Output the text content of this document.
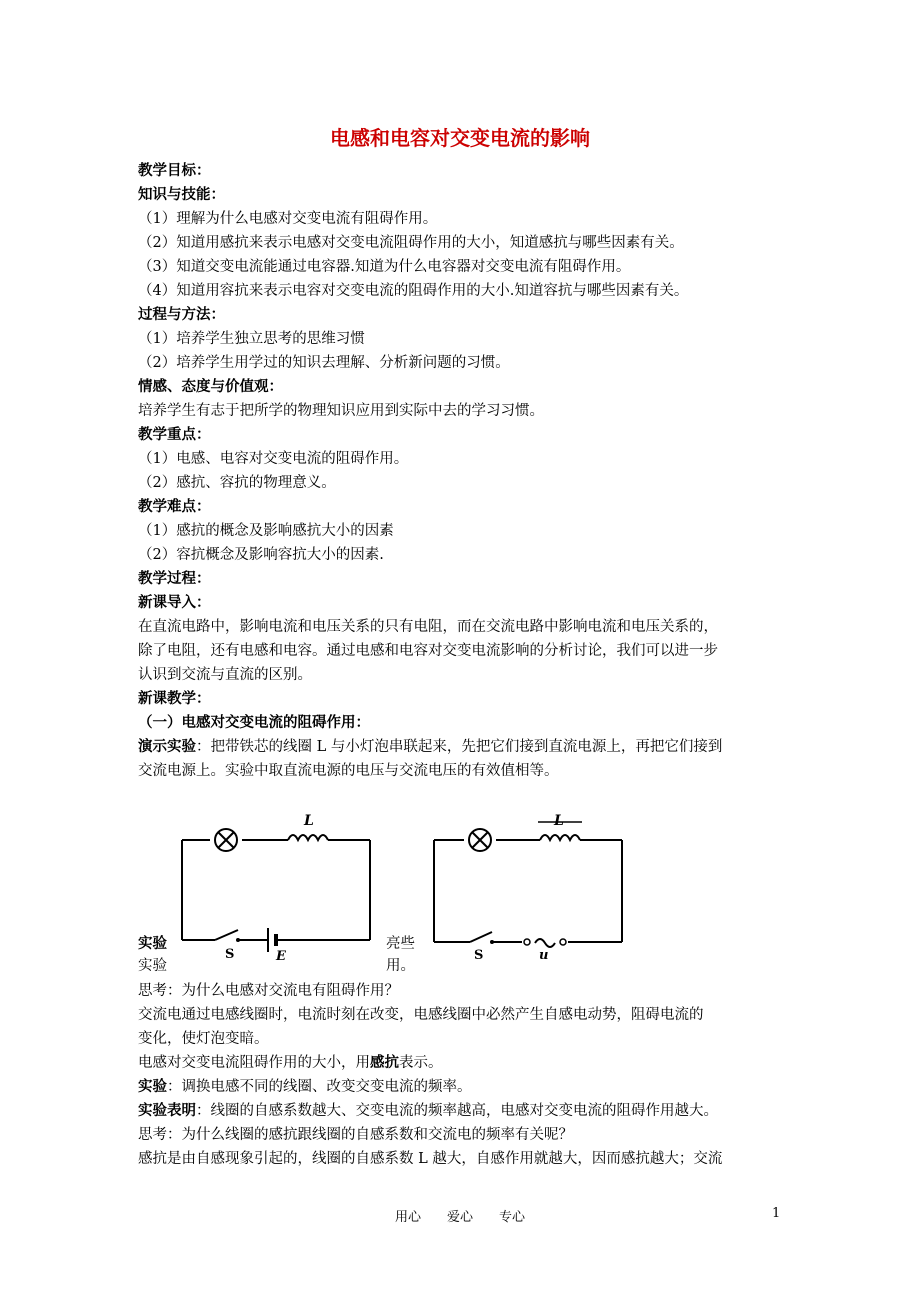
电感和电容对交变电流的影响
教学目标：
知识与技能：
（1）理解为什么电感对交变电流有阻碍作用。
（2）知道用感抗来表示电感对交变电流阻碍作用的大小，知道感抗与哪些因素有关。
（3）知道交变电流能通过电容器.知道为什么电容器对交变电流有阻碍作用。
（4）知道用容抗来表示电容对交变电流的阻碍作用的大小.知道容抗与哪些因素有关。
过程与方法：
（1）培养学生独立思考的思维习惯
（2）培养学生用学过的知识去理解、分析新问题的习惯。
情感、态度与价值观：
培养学生有志于把所学的物理知识应用到实际中去的学习习惯。
教学重点：
（1）电感、电容对交变电流的阻碍作用。
（2）感抗、容抗的物理意义。
教学难点：
（1）感抗的概念及影响感抗大小的因素
（2）容抗概念及影响容抗大小的因素.
教学过程：
新课导入：
在直流电路中，影响电流和电压关系的只有电阻，而在交流电路中影响电流和电压关系的，
除了电阻，还有电感和电容。通过电感和电容对交变电流影响的分析讨论，我们可以进一步
认识到交流与直流的区别。
新课教学：
（一）电感对交变电流的阻碍作用：
演示实验：把带铁芯的线圈 L 与小灯泡串联起来，先把它们接到直流电源上，再把它们接到
交流电源上。实验中取直流电源的电压与交流电压的有效值相等。
实验	亮些
实验	用。
L
S	E
L
S	u
思考：为什么电感对交流电有阻碍作用？
交流电通过电感线圈时，电流时刻在改变，电感线圈中必然产生自感电动势，阻碍电流的
变化，使灯泡变暗。
电感对交变电流阻碍作用的大小，用感抗表示。
实验：调换电感不同的线圈、改变交变电流的频率。
实验表明：线圈的自感系数越大、交变电流的频率越高，电感对交变电流的阻碍作用越大。
思考：为什么线圈的感抗跟线圈的自感系数和交流电的频率有关呢？
感抗是由自感现象引起的，线圈的自感系数 L 越大，自感作用就越大，因而感抗越大；交流
用心　　爱心　　专心	1
